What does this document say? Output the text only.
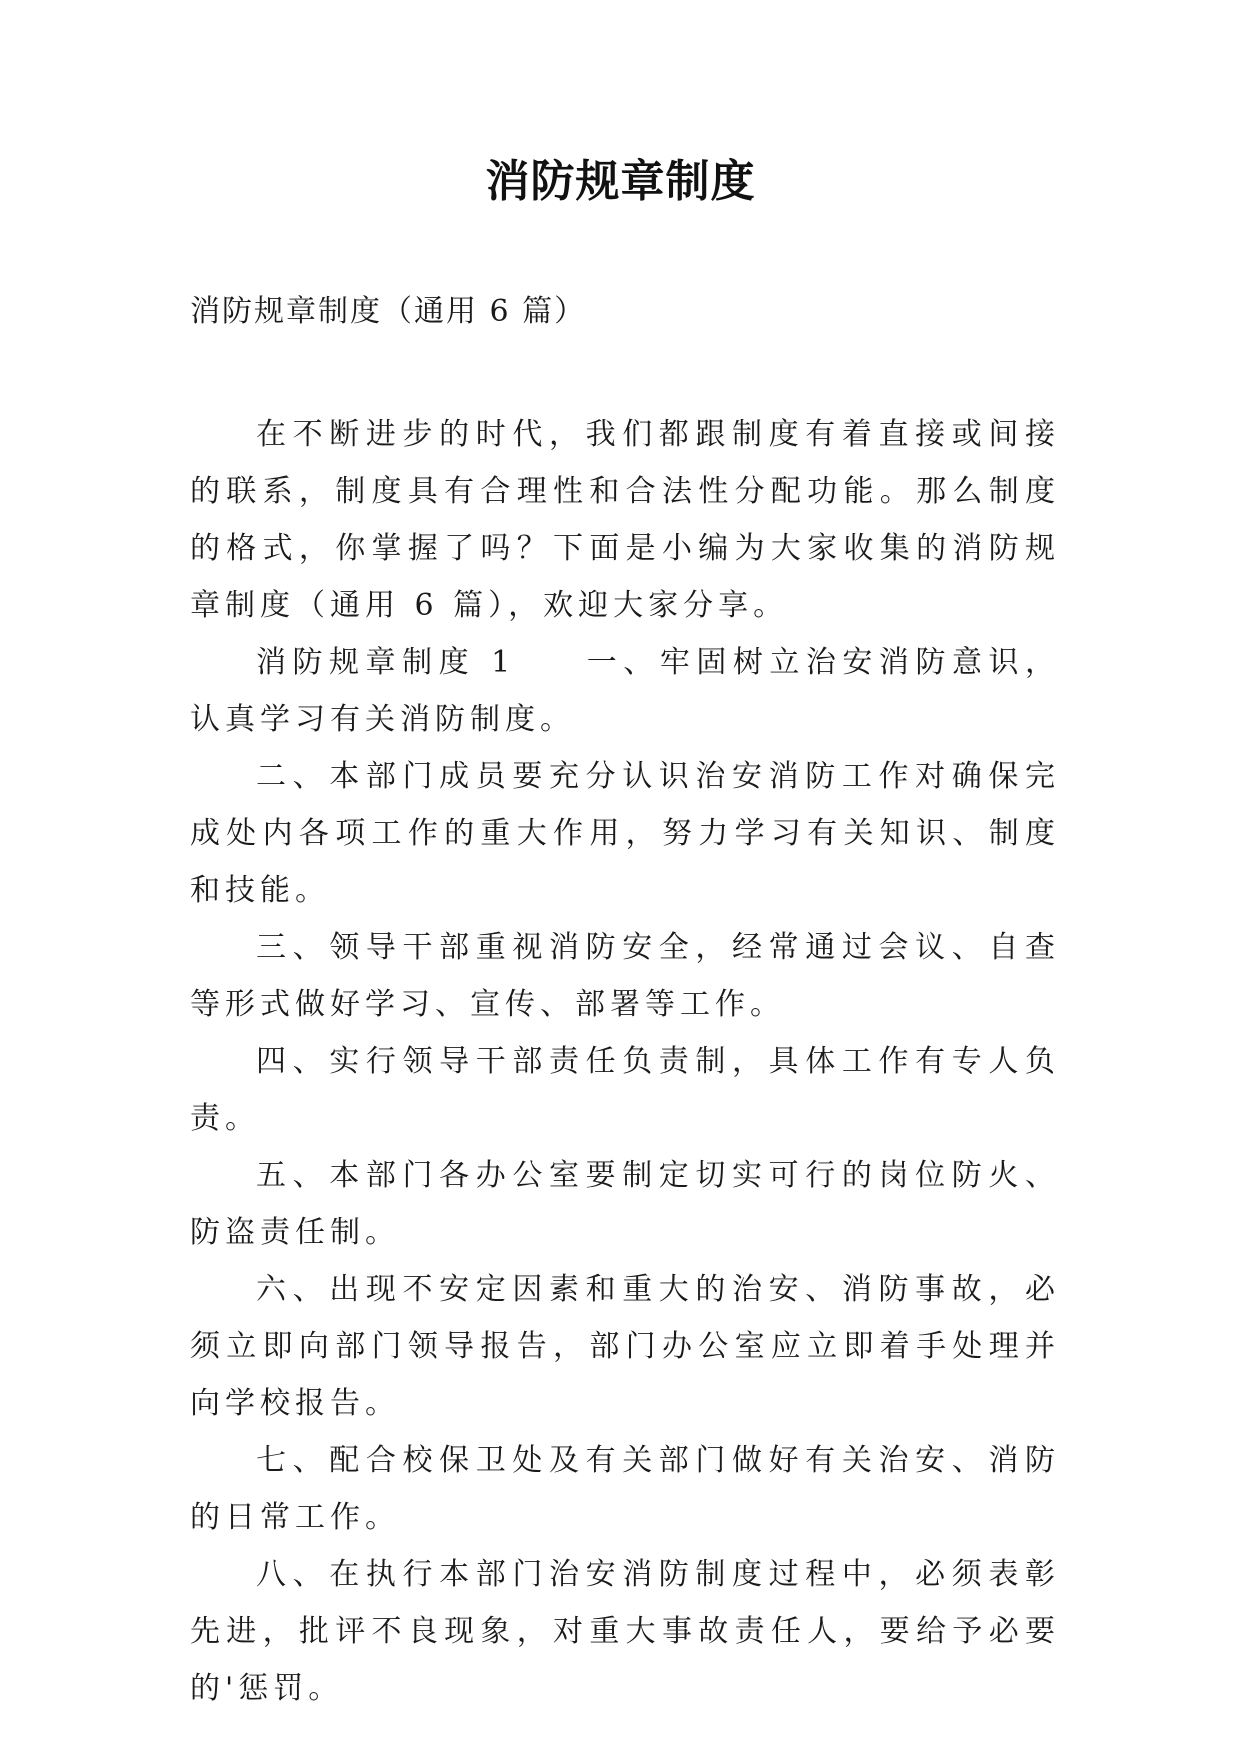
消防规章制度
消防规章制度（通用 6 篇）

在不断进步的时代，我们都跟制度有着直接或间接的联系，制度具有合理性和合法性分配功能。那么制度的格式，你掌握了吗？下面是小编为大家收集的消防规章制度（通用 6 篇），欢迎大家分享。

消防规章制度 1 一、牢固树立治安消防意识，认真学习有关消防制度。

二、本部门成员要充分认识治安消防工作对确保完成处内各项工作的重大作用，努力学习有关知识、制度和技能。

三、领导干部重视消防安全，经常通过会议、自查等形式做好学习、宣传、部署等工作。

四、实行领导干部责任负责制，具体工作有专人负责。

五、本部门各办公室要制定切实可行的岗位防火、防盗责任制。

六、出现不安定因素和重大的治安、消防事故，必须立即向部门领导报告，部门办公室应立即着手处理并向学校报告。

七、配合校保卫处及有关部门做好有关治安、消防的日常工作。

八、在执行本部门治安消防制度过程中，必须表彰先进，批评不良现象，对重大事故责任人，要给予必要的'惩罚。
